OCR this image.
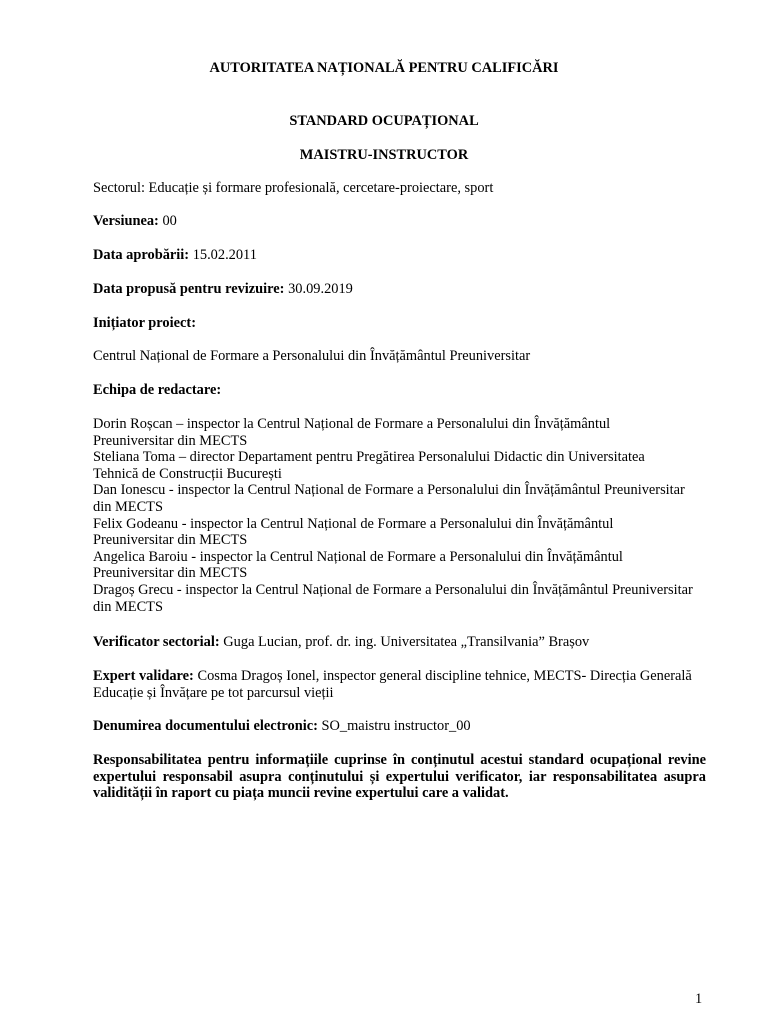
AUTORITATEA NAȚIONALĂ PENTRU CALIFICĂRI
STANDARD OCUPAȚIONAL
MAISTRU-INSTRUCTOR
Sectorul: Educație și formare profesională, cercetare-proiectare, sport
Versiunea: 00
Data aprobării: 15.02.2011
Data propusă pentru revizuire: 30.09.2019
Inițiator proiect:
Centrul Național de Formare a Personalului din Învățământul Preuniversitar
Echipa de redactare:
Dorin Roșcan – inspector la Centrul Național de Formare a Personalului din Învățământul Preuniversitar din MECTS
Steliana Toma – director Departament pentru Pregătirea Personalului Didactic din Universitatea Tehnică de Construcții București
Dan Ionescu - inspector la Centrul Național de Formare a Personalului din Învățământul Preuniversitar din MECTS
Felix Godeanu - inspector la Centrul Național de Formare a Personalului din Învățământul Preuniversitar din MECTS
Angelica Baroiu - inspector la Centrul Național de Formare a Personalului din Învățământul Preuniversitar din MECTS
Dragoș Grecu - inspector la Centrul Național de Formare a Personalului din Învățământul Preuniversitar din MECTS
Verificator sectorial: Guga Lucian, prof. dr. ing. Universitatea „Transilvania” Brașov
Expert validare: Cosma Dragoș Ionel, inspector general discipline tehnice, MECTS- Direcția Generală Educație și Învățare pe tot parcursul vieții
Denumirea documentului electronic: SO_maistru instructor_00
Responsabilitatea pentru informațiile cuprinse în conținutul acestui standard ocupațional revine expertului responsabil asupra conținutului și expertului verificator, iar responsabilitatea asupra validității în raport cu piața muncii revine expertului care a validat.
1
